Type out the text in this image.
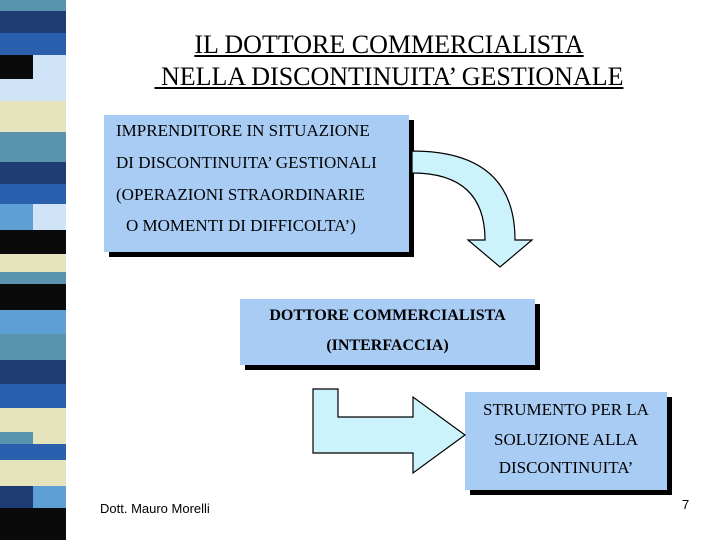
IL DOTTORE COMMERCIALISTA
NELLA DISCONTINUITA’ GESTIONALE
IMPRENDITORE IN SITUAZIONE
DI DISCONTINUITA’ GESTIONALI
(OPERAZIONI STRAORDINARIE
O MOMENTI DI DIFFICOLTA’)
DOTTORE COMMERCIALISTA
(INTERFACCIA)
STRUMENTO PER LA
SOLUZIONE ALLA
DISCONTINUITA’
Dott. Mauro Morelli	7
